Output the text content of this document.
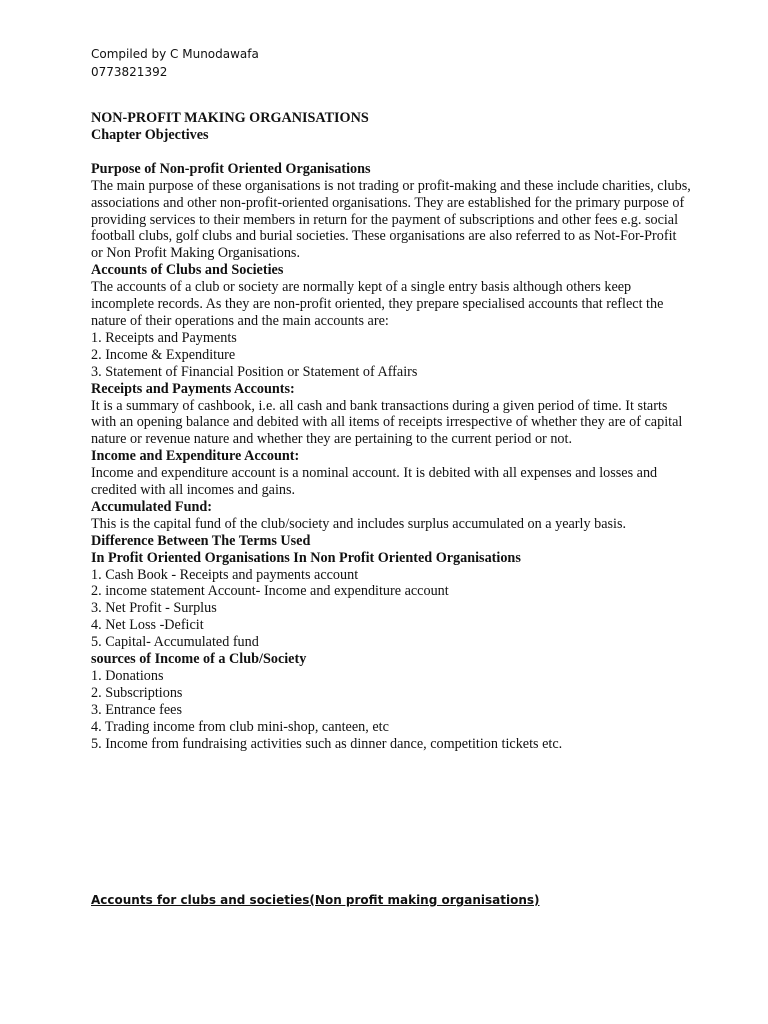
Compiled by C Munodawafa
0773821392
NON-PROFIT MAKING ORGANISATIONS
Chapter Objectives
Purpose of Non-profit Oriented Organisations
The main purpose of these organisations is not trading or profit-making and these include charities, clubs, associations and other non-profit-oriented organisations. They are established for the primary purpose of providing services to their members in return for the payment of subscriptions and other fees e.g. social football clubs, golf clubs and burial societies. These organisations are also referred to as Not-For-Profit or Non Profit Making Organisations.
Accounts of Clubs and Societies
The accounts of a club or society are normally kept of a single entry basis although others keep incomplete records. As they are non-profit oriented, they prepare specialised accounts that reflect the nature of their operations and the main accounts are:
1. Receipts and Payments
2. Income & Expenditure
3. Statement of Financial Position or Statement of Affairs
Receipts and Payments Accounts:
It is a summary of cashbook, i.e. all cash and bank transactions during a given period of time. It starts with an opening balance and debited with all items of receipts irrespective of whether they are of capital nature or revenue nature and whether they are pertaining to the current period or not.
Income and Expenditure Account:
Income and expenditure account is a nominal account. It is debited with all expenses and losses and credited with all incomes and gains.
Accumulated Fund:
This is the capital fund of the club/society and includes surplus accumulated on a yearly basis.
Difference Between The Terms Used
In Profit Oriented Organisations In Non Profit Oriented Organisations
1. Cash Book - Receipts and payments account
2. income statement Account- Income and expenditure account
3. Net Profit - Surplus
4. Net Loss -Deficit
5. Capital- Accumulated fund
sources of Income of a Club/Society
1. Donations
2. Subscriptions
3. Entrance fees
4. Trading income from club mini-shop, canteen, etc
5. Income from fundraising activities such as dinner dance, competition tickets etc.
Accounts for clubs and societies(Non profit making organisations)
